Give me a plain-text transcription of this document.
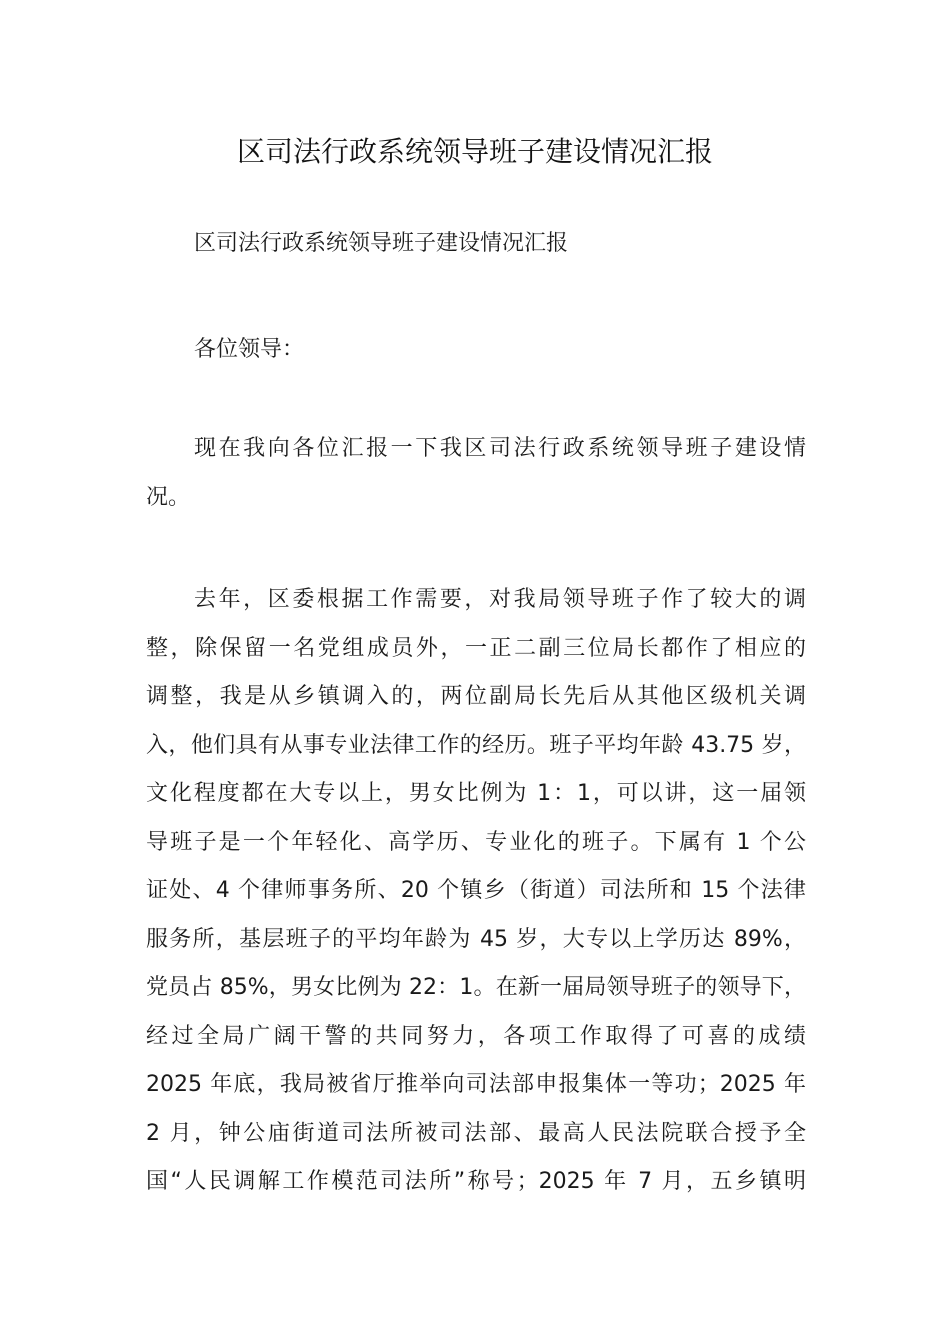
区司法行政系统领导班子建设情况汇报
区司法行政系统领导班子建设情况汇报
各位领导：
现在我向各位汇报一下我区司法行政系统领导班子建设情
况。
去年，区委根据工作需要，对我局领导班子作了较大的调
整，除保留一名党组成员外，一正二副三位局长都作了相应的
调整，我是从乡镇调入的，两位副局长先后从其他区级机关调
入，他们具有从事专业法律工作的经历。班子平均年龄 43.75 岁，
文化程度都在大专以上，男女比例为 1：1，可以讲，这一届领
导班子是一个年轻化、高学历、专业化的班子。下属有 1 个公
证处、4 个律师事务所、20 个镇乡（街道）司法所和 15 个法律
服务所，基层班子的平均年龄为 45 岁，大专以上学历达 89%，
党员占 85%，男女比例为 22：1。在新一届局领导班子的领导下，
经过全局广阔干警的共同努力，各项工作取得了可喜的成绩
2025 年底，我局被省厅推举向司法部申报集体一等功；2025 年
2 月，钟公庙街道司法所被司法部、最高人民法院联合授予全
国“人民调解工作模范司法所”称号；2025 年 7 月，五乡镇明
